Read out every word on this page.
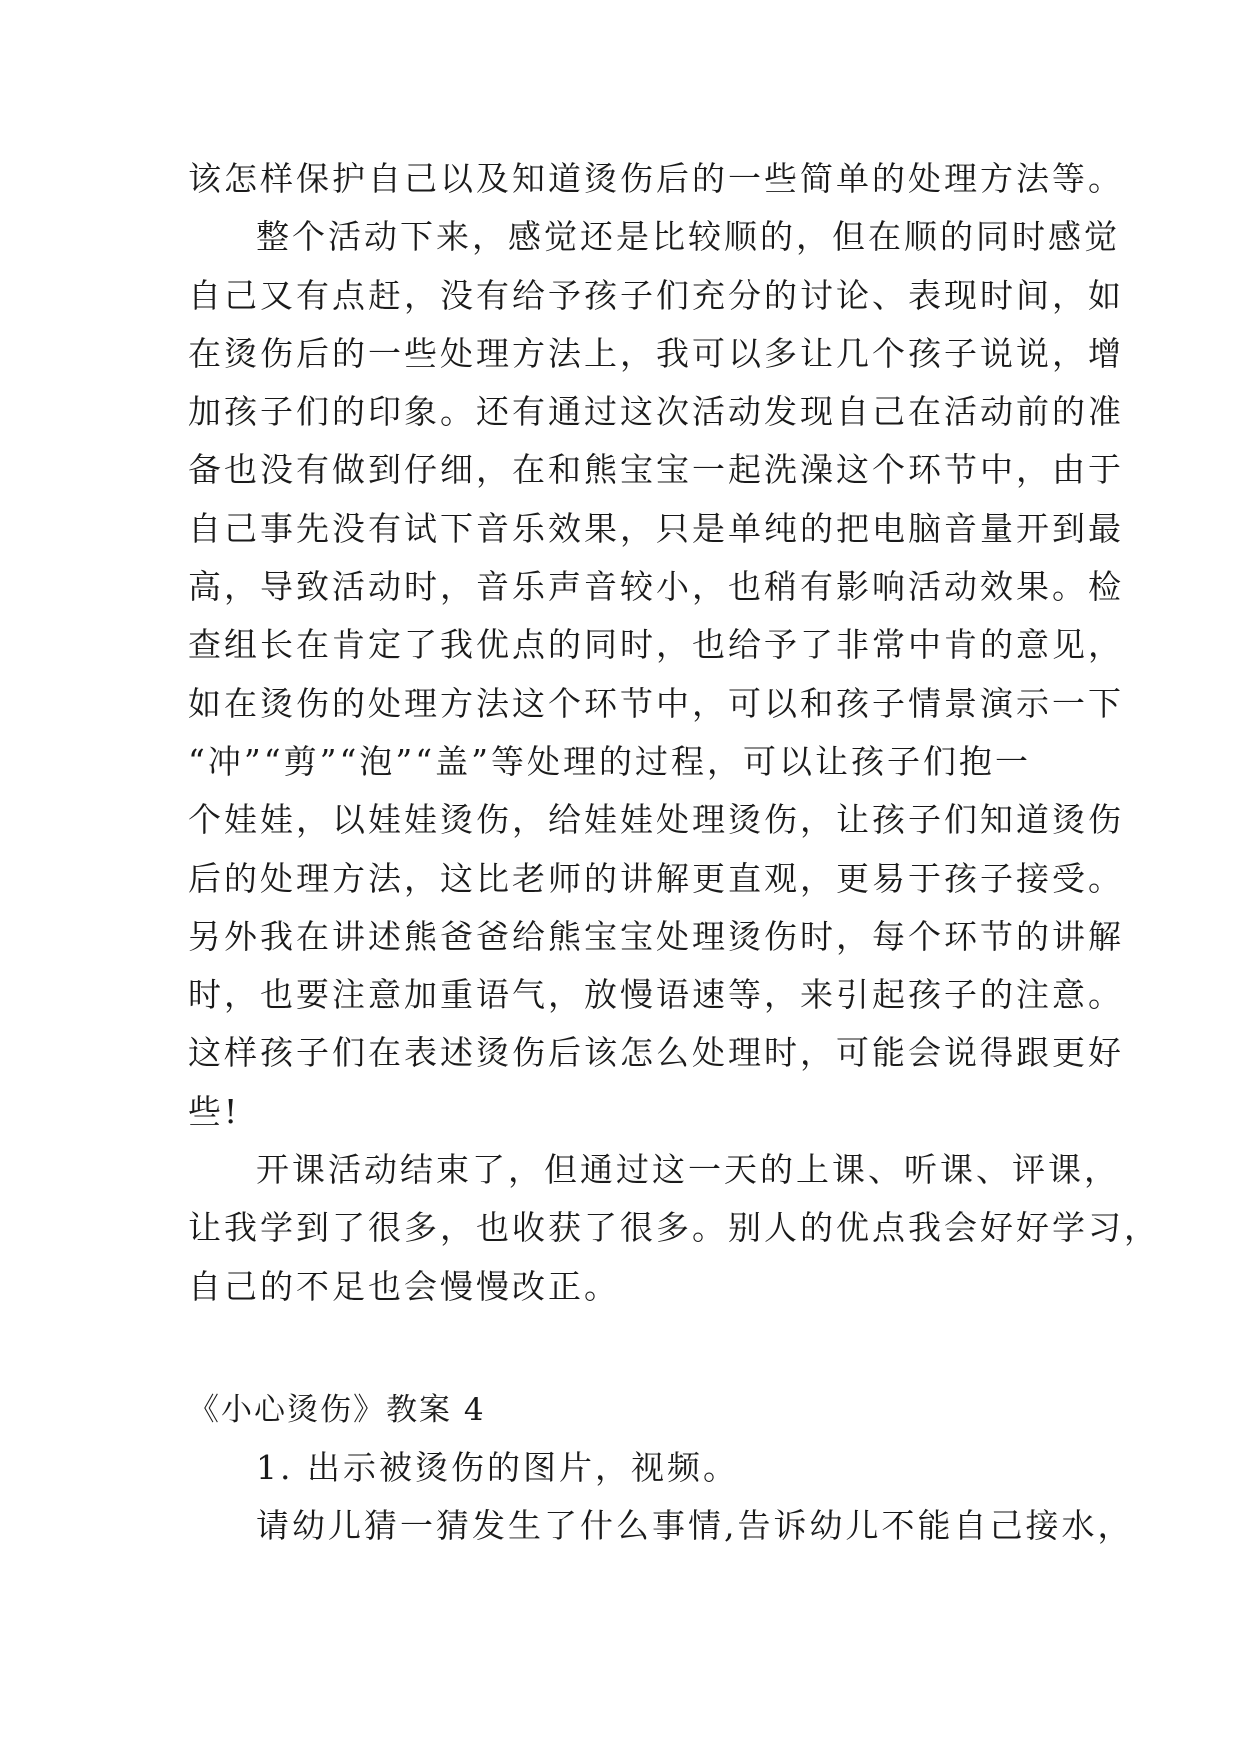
该怎样保护自己以及知道烫伤后的一些简单的处理方法等。
整个活动下来，感觉还是比较顺的，但在顺的同时感觉
自己又有点赶，没有给予孩子们充分的讨论、表现时间，如
在烫伤后的一些处理方法上，我可以多让几个孩子说说，增
加孩子们的印象。还有通过这次活动发现自己在活动前的准
备也没有做到仔细，在和熊宝宝一起洗澡这个环节中，由于
自己事先没有试下音乐效果，只是单纯的把电脑音量开到最
高，导致活动时，音乐声音较小，也稍有影响活动效果。检
查组长在肯定了我优点的同时，也给予了非常中肯的意见，
如在烫伤的处理方法这个环节中，可以和孩子情景演示一下
“冲”“剪”“泡”“盖”等处理的过程，可以让孩子们抱一
个娃娃，以娃娃烫伤，给娃娃处理烫伤，让孩子们知道烫伤
后的处理方法，这比老师的讲解更直观，更易于孩子接受。
另外我在讲述熊爸爸给熊宝宝处理烫伤时，每个环节的讲解
时，也要注意加重语气，放慢语速等，来引起孩子的注意。
这样孩子们在表述烫伤后该怎么处理时，可能会说得跟更好
些!
开课活动结束了，但通过这一天的上课、听课、评课，
让我学到了很多，也收获了很多。别人的优点我会好好学习，
自己的不足也会慢慢改正。
《小心烫伤》教案 4
1. 出示被烫伤的图片，视频。
请幼儿猜一猜发生了什么事情,告诉幼儿不能自己接水，
